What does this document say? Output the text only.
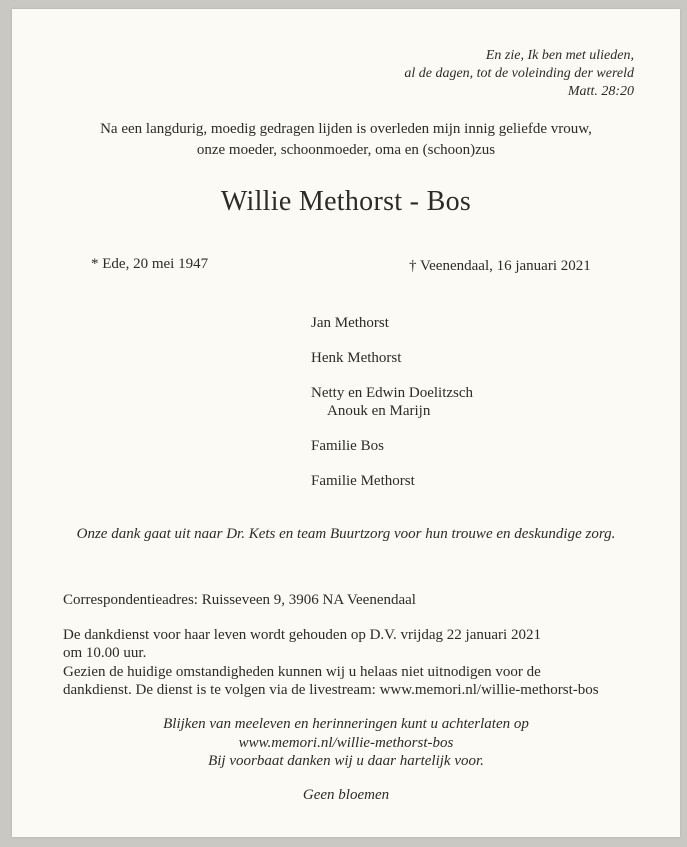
En zie, Ik ben met ulieden,
al de dagen, tot de voleinding der wereld
Matt. 28:20
Na een langdurig, moedig gedragen lijden is overleden mijn innig geliefde vrouw,
onze moeder, schoonmoeder, oma en (schoon)zus
Willie Methorst - Bos
* Ede, 20 mei 1947	† Veenendaal, 16 januari 2021
Jan Methorst
Henk Methorst
Netty en Edwin Doelitzsch
Anouk en Marijn
Familie Bos
Familie Methorst
Onze dank gaat uit naar Dr. Kets en team Buurtzorg voor hun trouwe en deskundige zorg.
Correspondentieadres: Ruisseveen 9, 3906 NA Veenendaal
De dankdienst voor haar leven wordt gehouden op D.V. vrijdag 22 januari 2021
om 10.00 uur.
Gezien de huidige omstandigheden kunnen wij u helaas niet uitnodigen voor de
dankdienst. De dienst is te volgen via de livestream: www.memori.nl/willie-methorst-bos
Blijken van meeleven en herinneringen kunt u achterlaten op
www.memori.nl/willie-methorst-bos
Bij voorbaat danken wij u daar hartelijk voor.
Geen bloemen
